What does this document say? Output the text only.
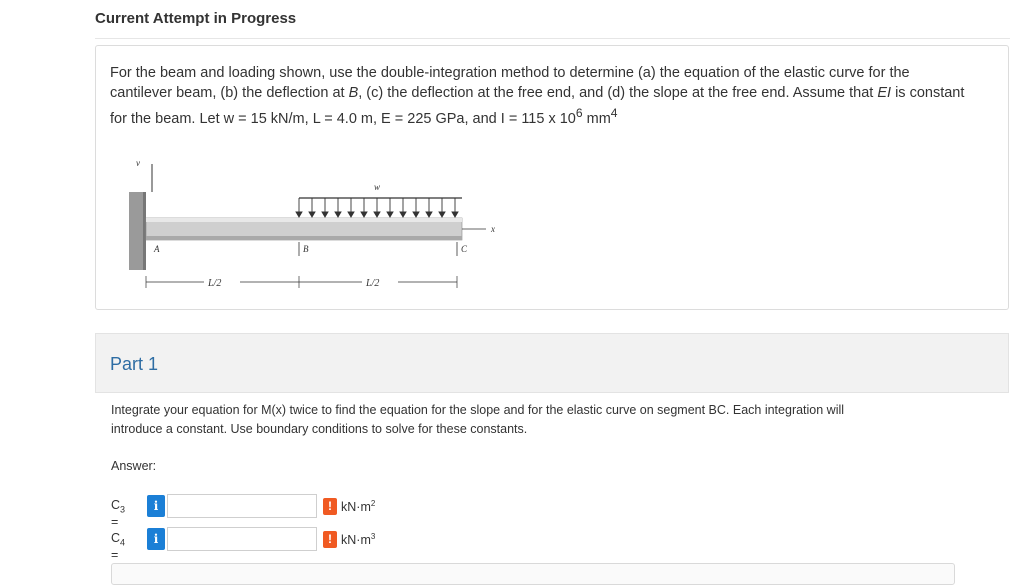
Current Attempt in Progress
For the beam and loading shown, use the double-integration method to determine (a) the equation of the elastic curve for the
cantilever beam, (b) the deflection at B, (c) the deflection at the free end, and (d) the slope at the free end. Assume that EI is constant
for the beam. Let w = 15 kN/m, L = 4.0 m, E = 225 GPa, and I = 115 x $10^6$ $mm^4$
v
x
w
A	B	C
L/2	L/2
Part 1
Integrate your equation for M(x) twice to find the equation for the slope and for the elastic curve on segment BC. Each integration will introduce a constant. Use boundary conditions to solve for these constants.
Answer:
$C_3$ =
i	! $kN\cdot m^2$
$C_4$ =
i	! $kN\cdot m^3$
